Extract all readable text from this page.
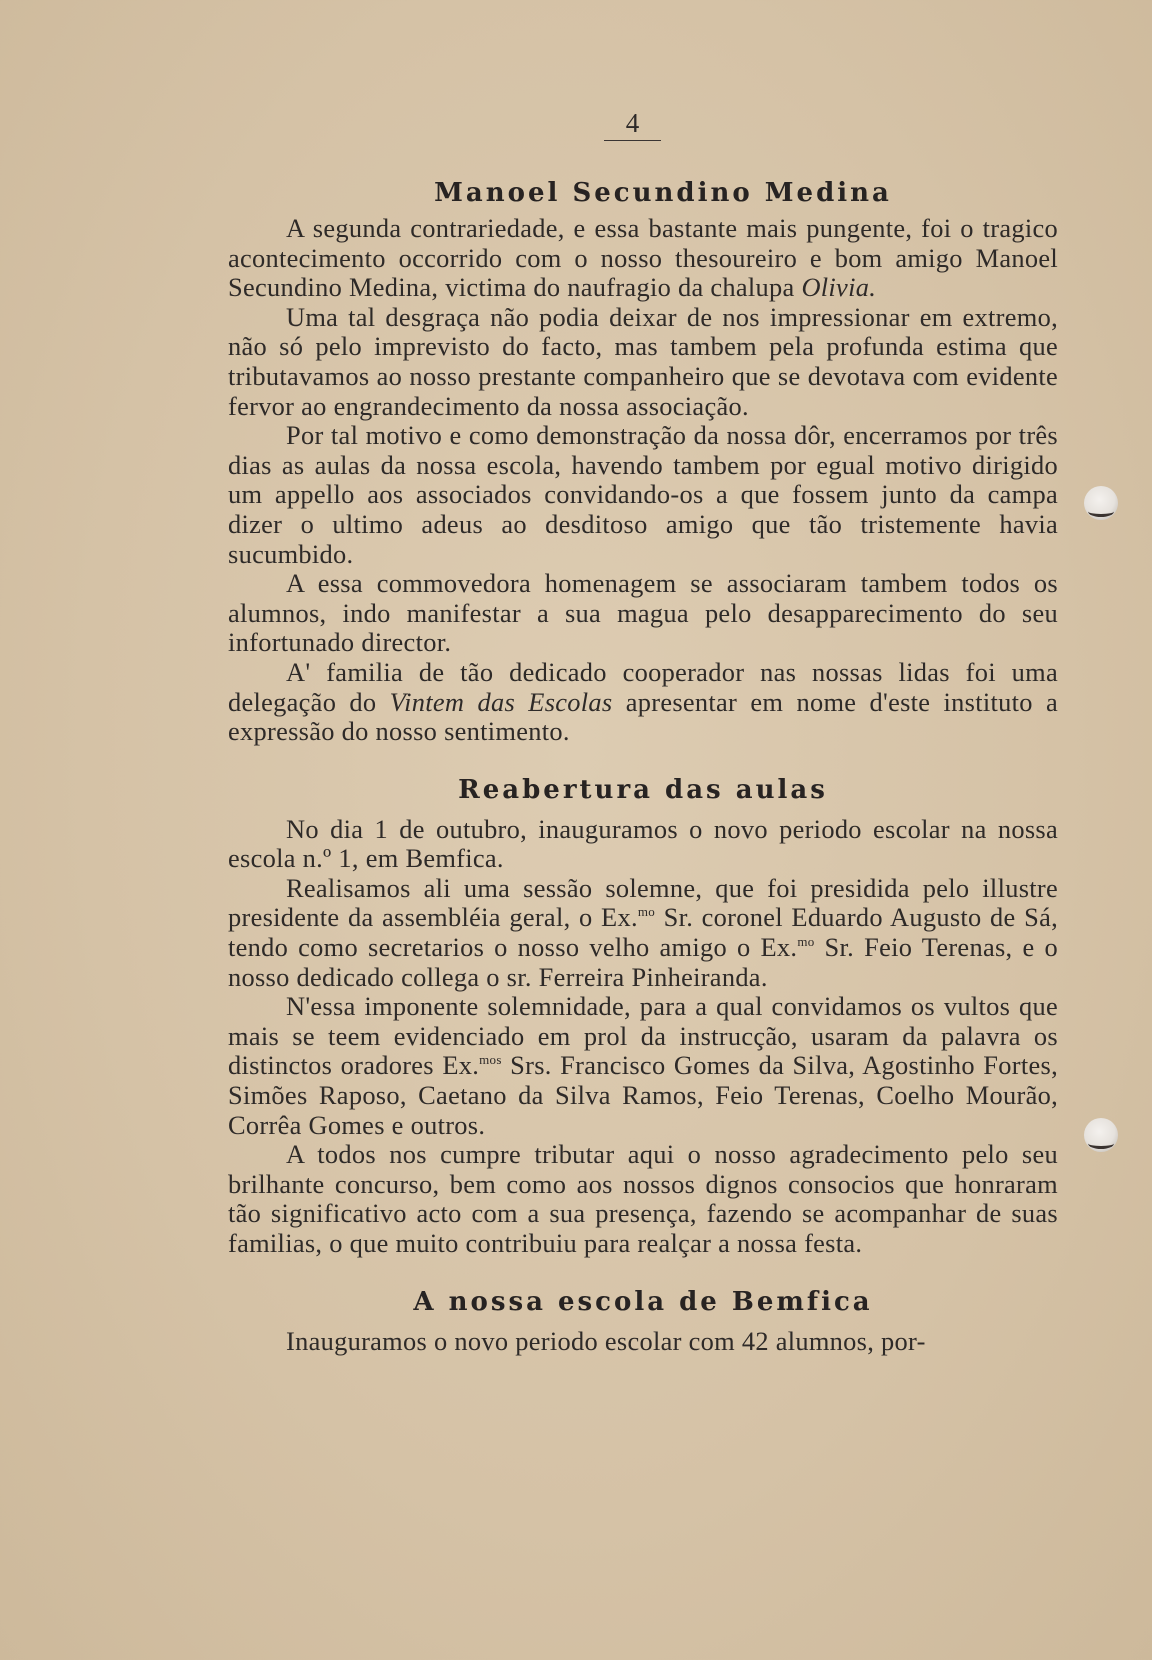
4
Manoel Secundino Medina

A segunda contrariedade, e essa bastante mais pungente, foi o tragico acontecimento occorrido com o nosso thesoureiro e bom amigo Manoel Secundino Medina, victima do naufragio da chalupa Olivia.

Uma tal desgraça não podia deixar de nos impressionar em extremo, não só pelo imprevisto do facto, mas tambem pela profunda estima que tributavamos ao nosso prestante companheiro que se devotava com evidente fervor ao engrandecimento da nossa associação.

Por tal motivo e como demonstração da nossa dôr, encerramos por três dias as aulas da nossa escola, havendo tambem por egual motivo dirigido um appello aos associados convidando-os a que fossem junto da campa dizer o ultimo adeus ao desditoso amigo que tão tristemente havia sucumbido.

A essa commovedora homenagem se associaram tambem todos os alumnos, indo manifestar a sua magua pelo desapparecimento do seu infortunado director.

A' familia de tão dedicado cooperador nas nossas lidas foi uma delegação do Vintem das Escolas apresentar em nome d'este instituto a expressão do nosso sentimento.

Reabertura das aulas

No dia 1 de outubro, inauguramos o novo periodo escolar na nossa escola n.º 1, em Bemfica.

Realisamos ali uma sessão solemne, que foi presidida pelo illustre presidente da assembléia geral, o Ex.$^{mo}$ Sr. coronel Eduardo Augusto de Sá, tendo como secretarios o nosso velho amigo o Ex.$^{mo}$ Sr. Feio Terenas, e o nosso dedicado collega o sr. Ferreira Pinheiranda.

N'essa imponente solemnidade, para a qual convidamos os vultos que mais se teem evidenciado em prol da instrucção, usaram da palavra os distinctos oradores Ex.$^{mos}$ Srs. Francisco Gomes da Silva, Agostinho Fortes, Simões Raposo, Caetano da Silva Ramos, Feio Terenas, Coelho Mourão, Corrêa Gomes e outros.

A todos nos cumpre tributar aqui o nosso agradecimento pelo seu brilhante concurso, bem como aos nossos dignos consocios que honraram tão significativo acto com a sua presença, fazendo se acompanhar de suas familias, o que muito contribuiu para realçar a nossa festa.

A nossa escola de Bemfica

Inauguramos o novo periodo escolar com 42 alumnos, por-
